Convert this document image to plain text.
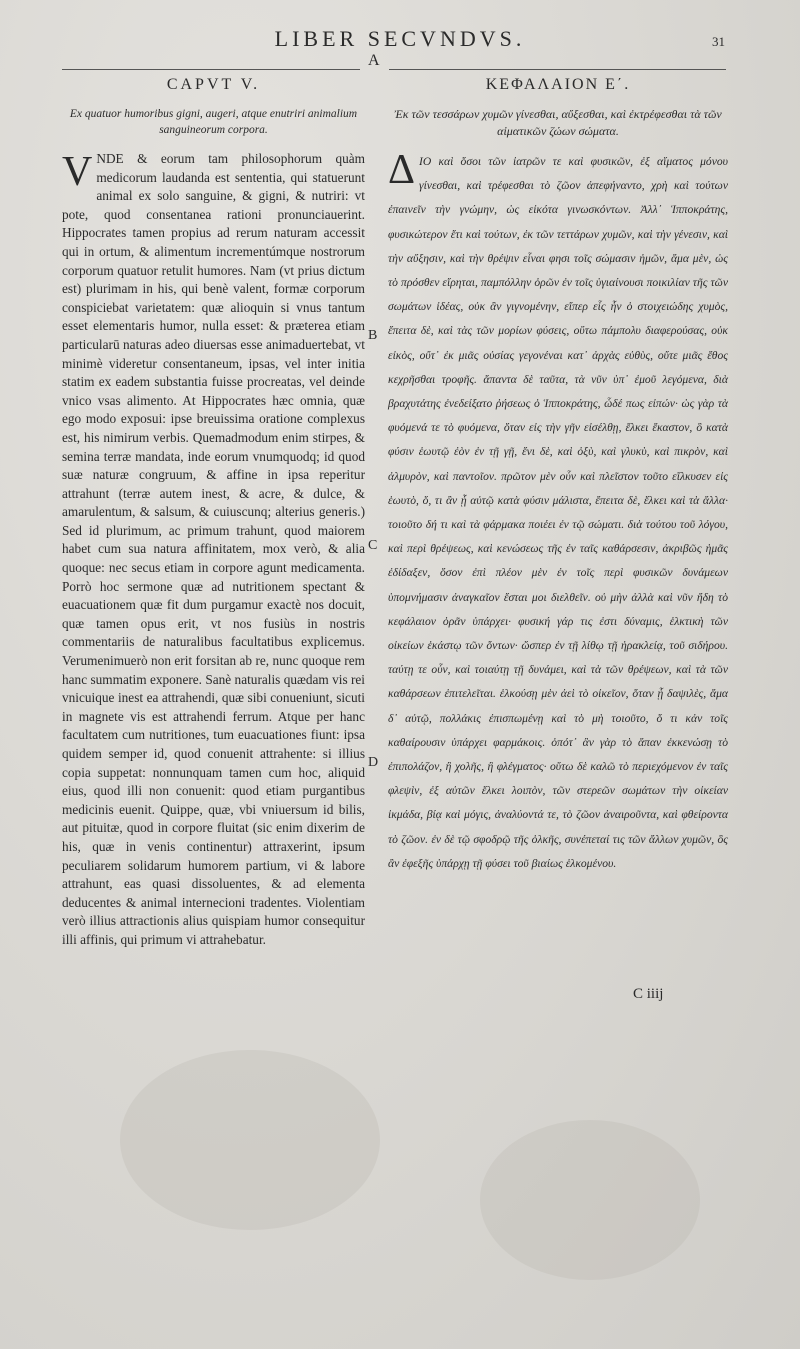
LIBER SECVNDVS.	31
A

CAPVT V.

Ex quatuor humoribus gigni, augeri, atque enutriri animalium sanguineorum corpora.

VNDE & eorum tam philosophorum quàm medicorum laudanda est sententia, qui statuerunt animal ex solo sanguine, & gigni, & nutriri: vt pote, quod consentanea rationi pronunciauerint. Hippocrates tamen propius ad rerum naturam accessit qui in ortum, & alimentum incrementúmque nostrorum corporum quatuor retulit humores. Nam (vt prius dictum est) plurimam in his, qui benè valent, formæ corporum conspiciebat varietatem: quæ alioquin si vnus tantum esset elementaris humor, nulla esset: & præterea etiam particularū naturas adeo diuersas esse animaduertebat, vt minimè videretur consentaneum, ipsas, vel inter initia statim ex eadem substantia fuisse procreatas, vel deinde vnico vsas alimento. At Hippocrates hæc omnia, quæ ego modo exposui: ipse breuissima oratione complexus est, his nimirum verbis. Quemadmodum enim stirpes, & semina terræ mandata, inde eorum vnumquodq; id quod suæ naturæ congruum, & affine in ipsa reperitur attrahunt (terræ autem inest, & acre, & dulce, & amarulentum, & salsum, & cuiuscunq; alterius generis.) Sed id plurimum, ac primum trahunt, quod maiorem habet cum sua natura affinitatem, mox verò, & alia quoque: nec secus etiam in corpore agunt medicamenta. Porrò hoc sermone quæ ad nutritionem spectant & euacuationem quæ fit dum purgamur exactè nos docuit, quæ tamen opus erit, vt nos fusiùs in nostris commentariis de naturalibus facultatibus explicemus. Verumenimuerò non erit forsitan ab re, nunc quoque rem hanc summatim exponere. Sanè naturalis quædam vis rei vnicuique inest ea attrahendi, quæ sibi conueniunt, sicuti in magnete vis est attrahendi ferrum. Atque per hanc facultatem cum nutritiones, tum euacuationes fiunt: ipsa quidem semper id, quod conuenit attrahente: si illius copia suppetat: nonnunquam tamen cum hoc, aliquid eius, quod illi non conuenit: quod etiam purgantibus medicinis euenit. Quippe, quæ, vbi vniuersum id bilis, aut pituitæ, quod in corpore fluitat (sic enim dixerim de his, quæ in venis continentur) attraxerint, ipsum peculiarem solidarum humorem partium, vi & labore attrahunt, eas quasi dissoluentes, & ad elementa deducentes & animal internecioni tradentes. Violentiam verò illius attractionis alius quispiam humor consequitur illi affinis, qui primum vi attrahebatur.

ΚΕΦΑΛΑΙΟΝ Ε΄.

Ἐκ τῶν τεσσάρων χυμῶν γίνεσθαι, αὔξεσθαι, καὶ ἐκτρέφεσθαι τὰ τῶν αἱματικῶν ζώων σώματα.

ΔΙΟ καὶ ὅσοι τῶν ἰατρῶν τε καὶ φυσικῶν, ἐξ αἵματος μόνου γίνεσθαι, καὶ τρέφεσθαι τὸ ζῶον ἀπεφήναντο, χρὴ καὶ τούτων ἐπαινεῖν τὴν γνώμην, ὡς εἰκότα γινωσκόντων. Ἀλλ᾽ Ἱπποκράτης, φυσικώτερον ἔτι καὶ τούτων, ἐκ τῶν τεττάρων χυμῶν, καὶ τὴν γένεσιν, καὶ τὴν αὔξησιν, καὶ τὴν θρέψιν εἶναι φησι τοῖς σώμασιν ἡμῶν, ἅμα μὲν, ὡς τὸ πρόσθεν εἴρηται, παμπόλλην ὁρῶν ἐν τοῖς ὑγιαίνουσι ποικιλίαν τῆς τῶν σωμάτων ἰδέας, οὐκ ἂν γιγνομένην, εἴπερ εἷς ἦν ὁ στοιχειώδης χυμὸς, ἔπειτα δὲ, καὶ τὰς τῶν μορίων φύσεις, οὕτω πάμπολυ διαφερούσας, οὐκ εἰκὸς, οὔτ᾽ ἐκ μιᾶς οὐσίας γεγονέναι κατ᾽ ἀρχὰς εὐθὺς, οὔτε μιᾶς ἔθος κεχρῆσθαι τροφῆς. ἅπαντα δὲ ταῦτα, τὰ νῦν ὑπ᾽ ἐμοῦ λεγόμενα, διὰ βραχυτάτης ἐνεδείξατο ῥήσεως ὁ Ἱπποκράτης, ὧδέ πως εἰπών· ὡς γὰρ τὰ φυόμενά τε τὸ φυόμενα, ὅταν εἰς τὴν γῆν εἰσέλθῃ, ἕλκει ἕκαστον, ὃ κατὰ φύσιν ἑωυτῷ ἐὸν ἐν τῇ γῇ, ἔνι δὲ, καὶ ὀξὺ, καὶ γλυκὺ, καὶ πικρὸν, καὶ ἁλμυρὸν, καὶ παντοῖον. πρῶτον μὲν οὖν καὶ πλεῖστον τοῦτο εἵλκυσεν εἰς ἑωυτὸ, ὅ, τι ἂν ᾖ αὐτῷ κατὰ φύσιν μάλιστα, ἔπειτα δὲ, ἕλκει καὶ τὰ ἄλλα· τοιοῦτο δή τι καὶ τὰ φάρμακα ποιέει ἐν τῷ σώματι. διὰ τούτου τοῦ λόγου, καὶ περὶ θρέψεως, καὶ κενώσεως τῆς ἐν ταῖς καθάρσεσιν, ἀκριβῶς ἡμᾶς ἐδίδαξεν, ὅσον ἐπὶ πλέον μὲν ἐν τοῖς περὶ φυσικῶν δυνάμεων ὑπομνήμασιν ἀναγκαῖον ἔσται μοι διελθεῖν. οὐ μὴν ἀλλὰ καὶ νῦν ἤδη τὸ κεφάλαιον ὁρᾶν ὑπάρχει· φυσική γάρ τις ἐστι δύναμις, ἑλκτικὴ τῶν οἰκείων ἑκάστῳ τῶν ὄντων· ὥσπερ ἐν τῇ λίθῳ τῇ ἡρακλείᾳ, τοῦ σιδήρου. ταύτῃ τε οὖν, καὶ τοιαύτῃ τῇ δυνάμει, καὶ τὰ τῶν θρέψεων, καὶ τὰ τῶν καθάρσεων ἐπιτελεῖται. ἑλκούσῃ μὲν ἀεὶ τὸ οἰκεῖον, ὅταν ᾖ δαψιλὲς, ἅμα δ᾽ αὐτῷ, πολλάκις ἐπισπωμένῃ καὶ τὸ μὴ τοιοῦτο, ὅ τι κἀν τοῖς καθαίρουσιν ὑπάρχει φαρμάκοις. ὁπότ᾽ ἂν γὰρ τὸ ἅπαν ἐκκενώσῃ τὸ ἐπιπολάζον, ἢ χολῆς, ἢ φλέγματος· οὕτω δὲ καλῶ τὸ περιεχόμενον ἐν ταῖς φλεψὶν, ἐξ αὐτῶν ἕλκει λοιπὸν, τῶν στερεῶν σωμάτων τὴν οἰκείαν ἰκμάδα, βίᾳ καὶ μόγις, ἀναλύοντά τε, τὸ ζῶον ἀναιροῦντα, καὶ φθείροντα τὸ ζῶον. ἐν δὲ τῷ σφοδρῷ τῆς ὁλκῆς, συνέπεταί τις τῶν ἄλλων χυμῶν, ὃς ἂν ἐφεξῆς ὑπάρχῃ τῇ φύσει τοῦ βιαίως ἑλκομένου.

B
C
D
C iiij
